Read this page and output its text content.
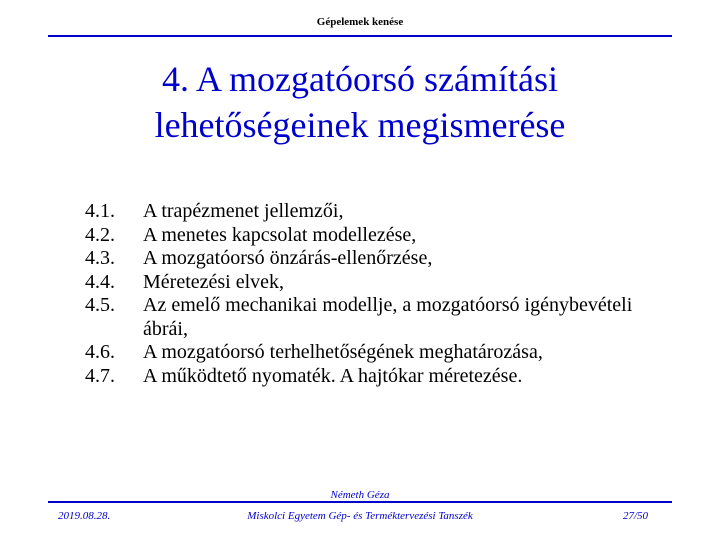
Gépelemek kenése
4. A mozgatóorsó számítási lehetőségeinek megismerése
4.1.	A trapézmenet jellemzői,
4.2.	A menetes kapcsolat modellezése,
4.3.	A mozgatóorsó önzárás-ellenőrzése,
4.4.	Méretezési elvek,
4.5.	Az emelő mechanikai modellje, a mozgatóorsó igénybevételi ábrái,
4.6.	A mozgatóorsó terhelhetőségének meghatározása,
4.7.	A működtető nyomaték. A hajtókar méretezése.
Németh Géza
2019.08.28.	Miskolci Egyetem Gép- és Terméktervezési Tanszék	27/50
